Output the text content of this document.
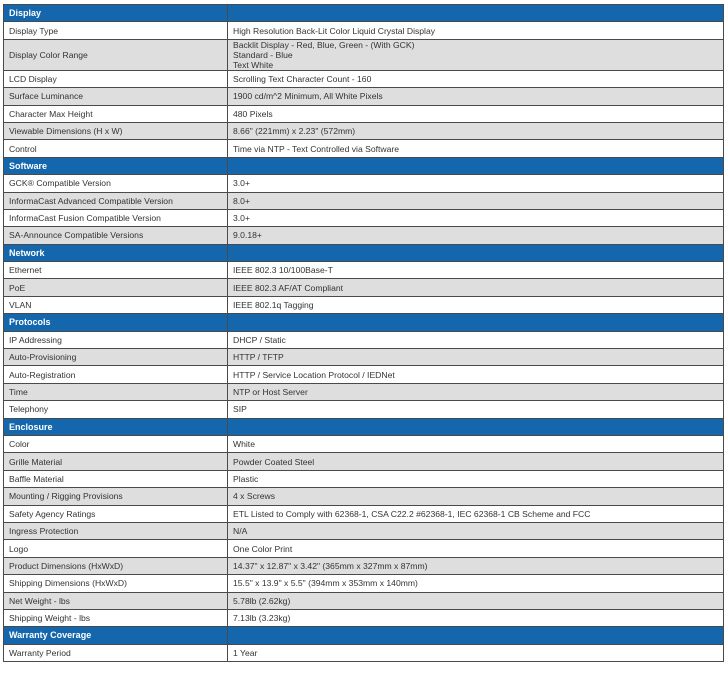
Display	
Display Type	High Resolution Back-Lit Color Liquid Crystal Display

Display Color Range	Backlit Display - Red, Blue, Green - (With GCK)
Standard - Blue
Text White

LCD Display	Scrolling Text Character Count - 160

Surface Luminance	1900 cd/m^2 Minimum, All White Pixels

Character Max Height	480 Pixels

Viewable Dimensions (H x W)	8.66" (221mm) x 2.23" (572mm)

Control	Time via NTP - Text Controlled via Software

Software	
GCK® Compatible Version	3.0+

InformaCast Advanced Compatible Version	8.0+

InformaCast Fusion Compatible Version	3.0+

SA-Announce Compatible Versions	9.0.18+

Network	
Ethernet	IEEE 802.3 10/100Base-T

PoE	IEEE 802.3 AF/AT Compliant

VLAN	IEEE 802.1q Tagging

Protocols	
IP Addressing	DHCP / Static

Auto-Provisioning	HTTP / TFTP

Auto-Registration	HTTP / Service Location Protocol / IEDNet

Time	NTP or Host Server

Telephony	SIP

Enclosure	
Color	White

Grille Material	Powder Coated Steel

Baffle Material	Plastic

Mounting / Rigging Provisions	4 x Screws

Safety Agency Ratings	ETL Listed to Comply with 62368-1, CSA C22.2 #62368-1, IEC 62368-1 CB Scheme and FCC

Ingress Protection	N/A

Logo	One Color Print

Product Dimensions (HxWxD)	14.37" x 12.87" x 3.42" (365mm x 327mm x 87mm)

Shipping Dimensions (HxWxD)	15.5" x 13.9" x 5.5" (394mm x 353mm x 140mm)

Net Weight - lbs	5.78lb (2.62kg)

Shipping Weight - lbs	7.13lb (3.23kg)

Warranty Coverage	
Warranty Period	1 Year
